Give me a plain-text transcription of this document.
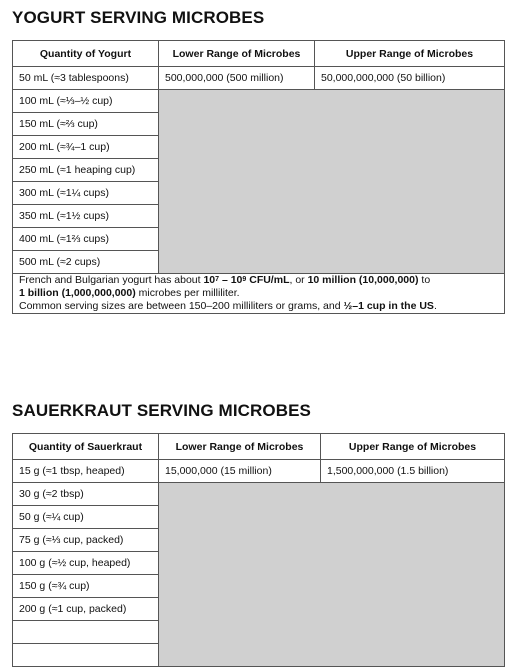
YOGURT SERVING MICROBES
Quantity of Yogurt	Lower Range of Microbes	Upper Range of Microbes
50 mL (≈3 tablespoons)	500,000,000 (500 million)	50,000,000,000 (50 billion)
100 mL (≈⅓–½ cup)		
150 mL (≈⅔ cup)		
200 mL (≈¾–1 cup)		
250 mL (≈1 heaping cup)		
300 mL (≈1¼ cups)		
350 mL (≈1½ cups)		
400 mL (≈1⅔ cups)		
500 mL (≈2 cups)		
French and Bulgarian yogurt has about $10^7 - 10^9$ CFU/mL, or 10 million (10,000,000) to
1 billion (1,000,000,000) microbes per milliliter.
Common serving sizes are between 150–200 milliliters or grams, and ½–1 cup in the US.		
SAUERKRAUT SERVING MICROBES
Quantity of Sauerkraut	Lower Range of Microbes	Upper Range of Microbes
15 g (≈1 tbsp, heaped)	15,000,000 (15 million)	1,500,000,000 (1.5 billion)
30 g (≈2 tbsp)		
50 g (≈¼ cup)		
75 g (≈⅓ cup, packed)		
100 g (≈½ cup, heaped)		
150 g (≈¾ cup)		
200 g (≈1 cup, packed)		
